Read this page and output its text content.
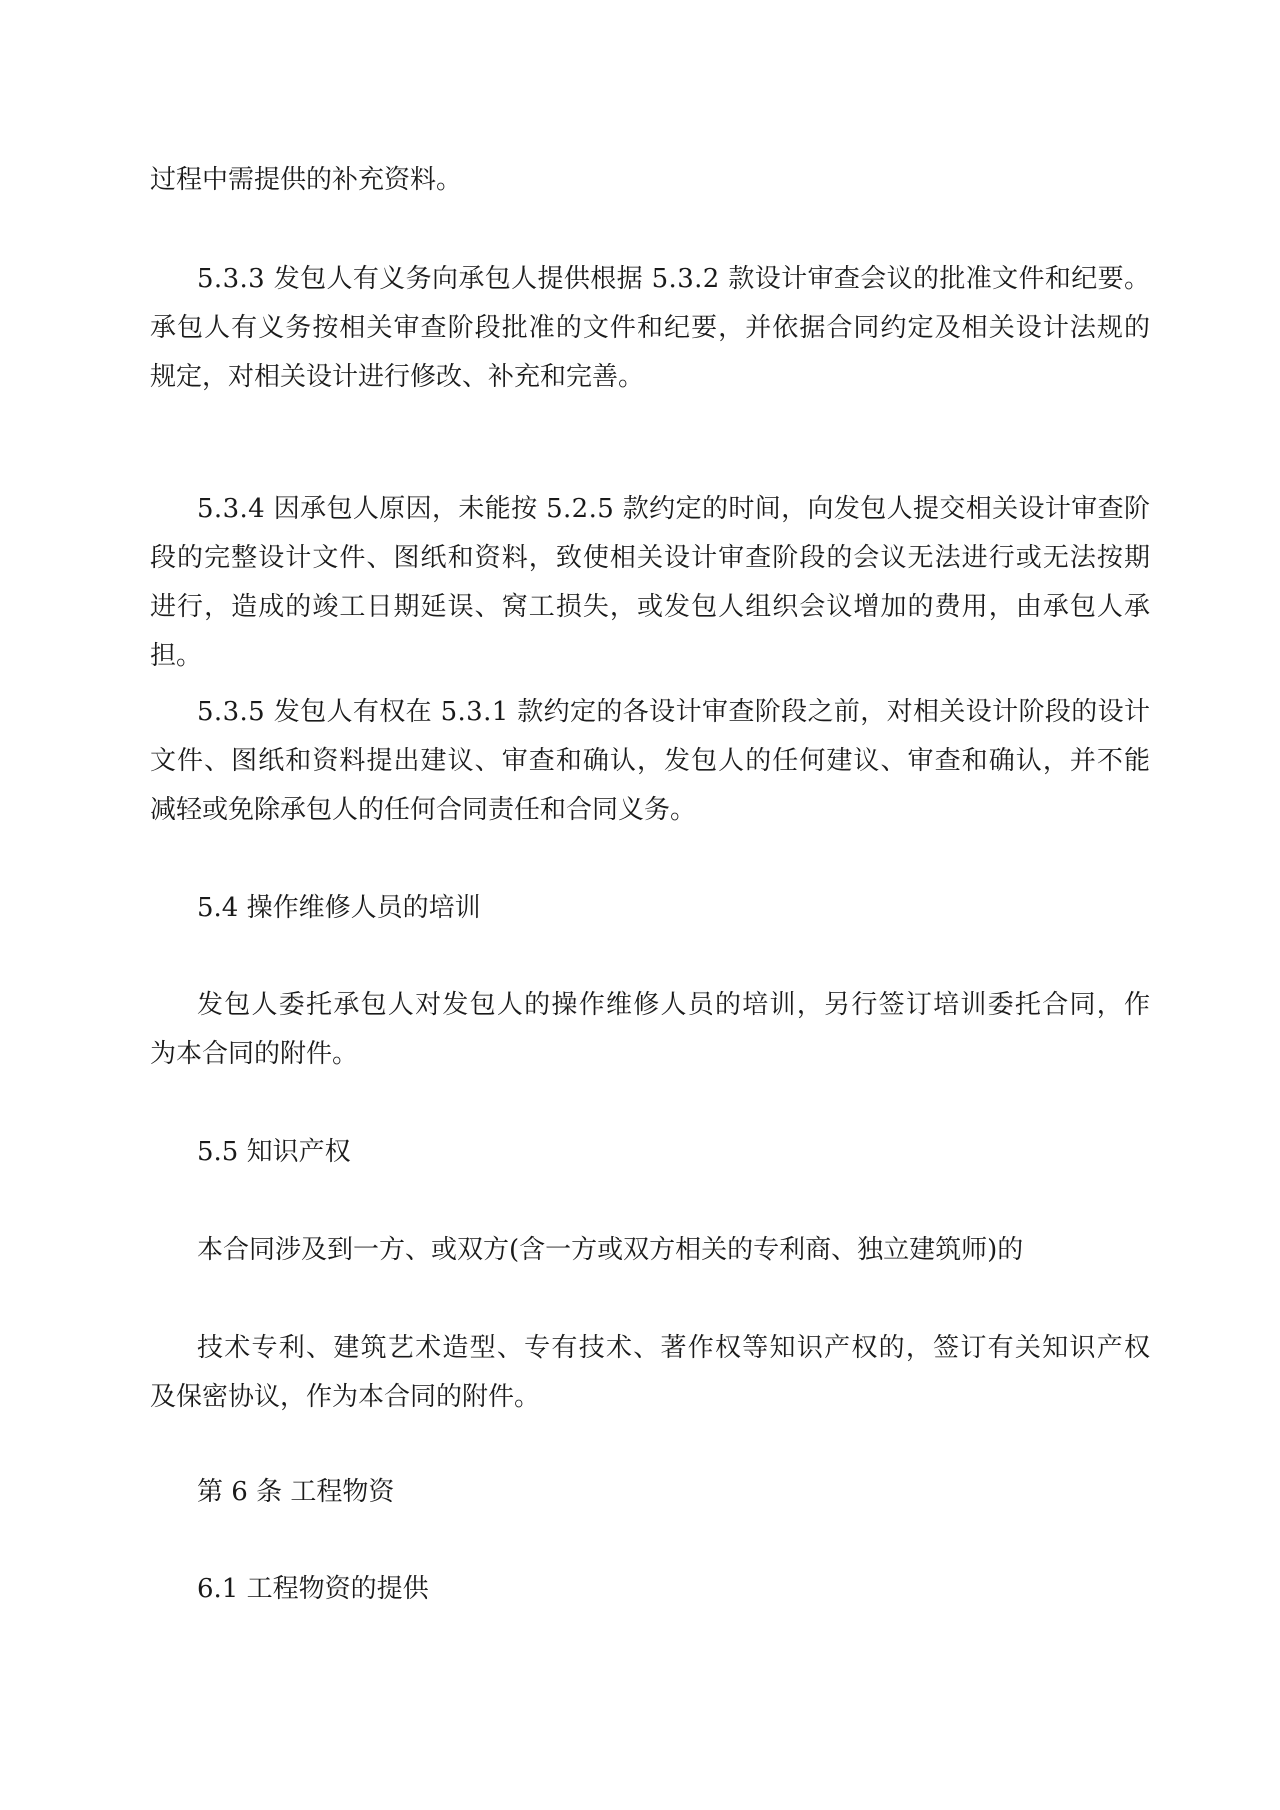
过程中需提供的补充资料。
5.3.3 发包人有义务向承包人提供根据 5.3.2 款设计审查会议的批准文件和纪要。
承包人有义务按相关审查阶段批准的文件和纪要，并依据合同约定及相关设计法规的
规定，对相关设计进行修改、补充和完善。
5.3.4 因承包人原因，未能按 5.2.5 款约定的时间，向发包人提交相关设计审查阶
段的完整设计文件、图纸和资料，致使相关设计审查阶段的会议无法进行或无法按期
进行，造成的竣工日期延误、窝工损失，或发包人组织会议增加的费用，由承包人承
担。
5.3.5 发包人有权在 5.3.1 款约定的各设计审查阶段之前，对相关设计阶段的设计
文件、图纸和资料提出建议、审查和确认，发包人的任何建议、审查和确认，并不能
减轻或免除承包人的任何合同责任和合同义务。
5.4 操作维修人员的培训
发包人委托承包人对发包人的操作维修人员的培训，另行签订培训委托合同，作
为本合同的附件。
5.5 知识产权
本合同涉及到一方、或双方(含一方或双方相关的专利商、独立建筑师)的
技术专利、建筑艺术造型、专有技术、著作权等知识产权的，签订有关知识产权
及保密协议，作为本合同的附件。
第 6 条 工程物资
6.1 工程物资的提供
